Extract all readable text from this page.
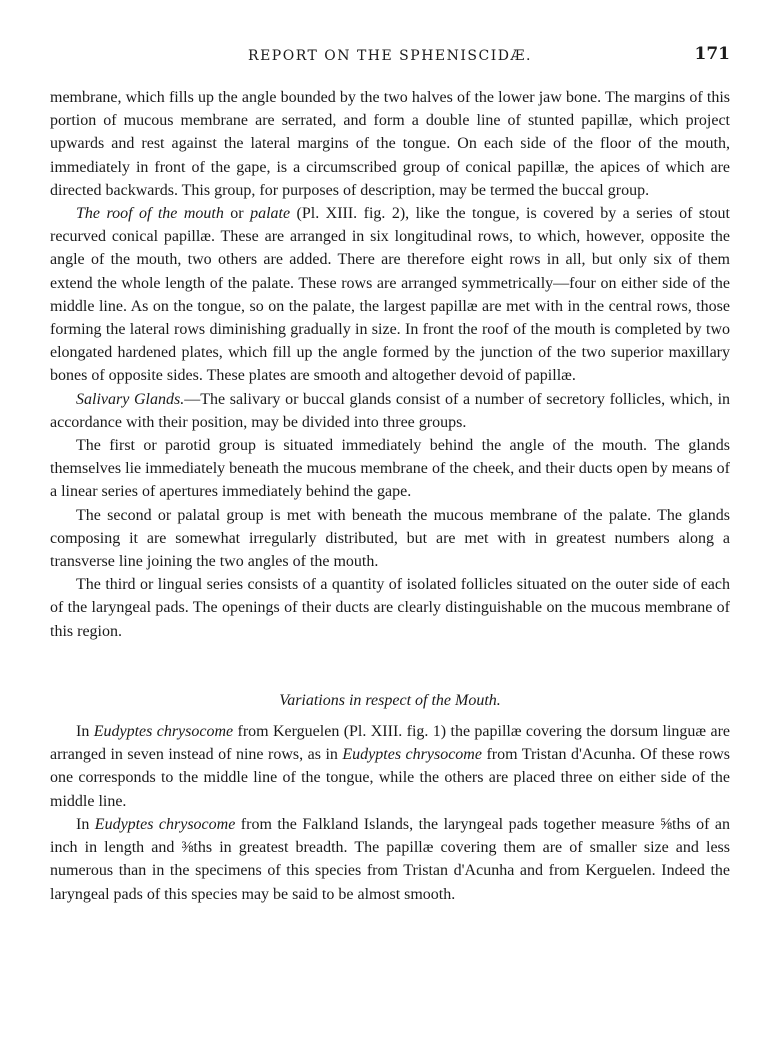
REPORT ON THE SPHENISCIDÆ.	171

membrane, which fills up the angle bounded by the two halves of the lower jaw bone. The margins of this portion of mucous membrane are serrated, and form a double line of stunted papillæ, which project upwards and rest against the lateral margins of the tongue. On each side of the floor of the mouth, immediately in front of the gape, is a circumscribed group of conical papillæ, the apices of which are directed backwards. This group, for purposes of description, may be termed the buccal group.

The roof of the mouth or palate (Pl. XIII. fig. 2), like the tongue, is covered by a series of stout recurved conical papillæ. These are arranged in six longitudinal rows, to which, however, opposite the angle of the mouth, two others are added. There are therefore eight rows in all, but only six of them extend the whole length of the palate. These rows are arranged symmetrically—four on either side of the middle line. As on the tongue, so on the palate, the largest papillæ are met with in the central rows, those forming the lateral rows diminishing gradually in size. In front the roof of the mouth is completed by two elongated hardened plates, which fill up the angle formed by the junction of the two superior maxillary bones of opposite sides. These plates are smooth and altogether devoid of papillæ.

Salivary Glands.—The salivary or buccal glands consist of a number of secretory follicles, which, in accordance with their position, may be divided into three groups.

The first or parotid group is situated immediately behind the angle of the mouth. The glands themselves lie immediately beneath the mucous membrane of the cheek, and their ducts open by means of a linear series of apertures immediately behind the gape.

The second or palatal group is met with beneath the mucous membrane of the palate. The glands composing it are somewhat irregularly distributed, but are met with in greatest numbers along a transverse line joining the two angles of the mouth.

The third or lingual series consists of a quantity of isolated follicles situated on the outer side of each of the laryngeal pads. The openings of their ducts are clearly distinguishable on the mucous membrane of this region.

Variations in respect of the Mouth.

In Eudyptes chrysocome from Kerguelen (Pl. XIII. fig. 1) the papillæ covering the dorsum linguæ are arranged in seven instead of nine rows, as in Eudyptes chrysocome from Tristan d'Acunha. Of these rows one corresponds to the middle line of the tongue, while the others are placed three on either side of the middle line.

In Eudyptes chrysocome from the Falkland Islands, the laryngeal pads together measure ⅝ths of an inch in length and ⅜ths in greatest breadth. The papillæ covering them are of smaller size and less numerous than in the specimens of this species from Tristan d'Acunha and from Kerguelen. Indeed the laryngeal pads of this species may be said to be almost smooth.
